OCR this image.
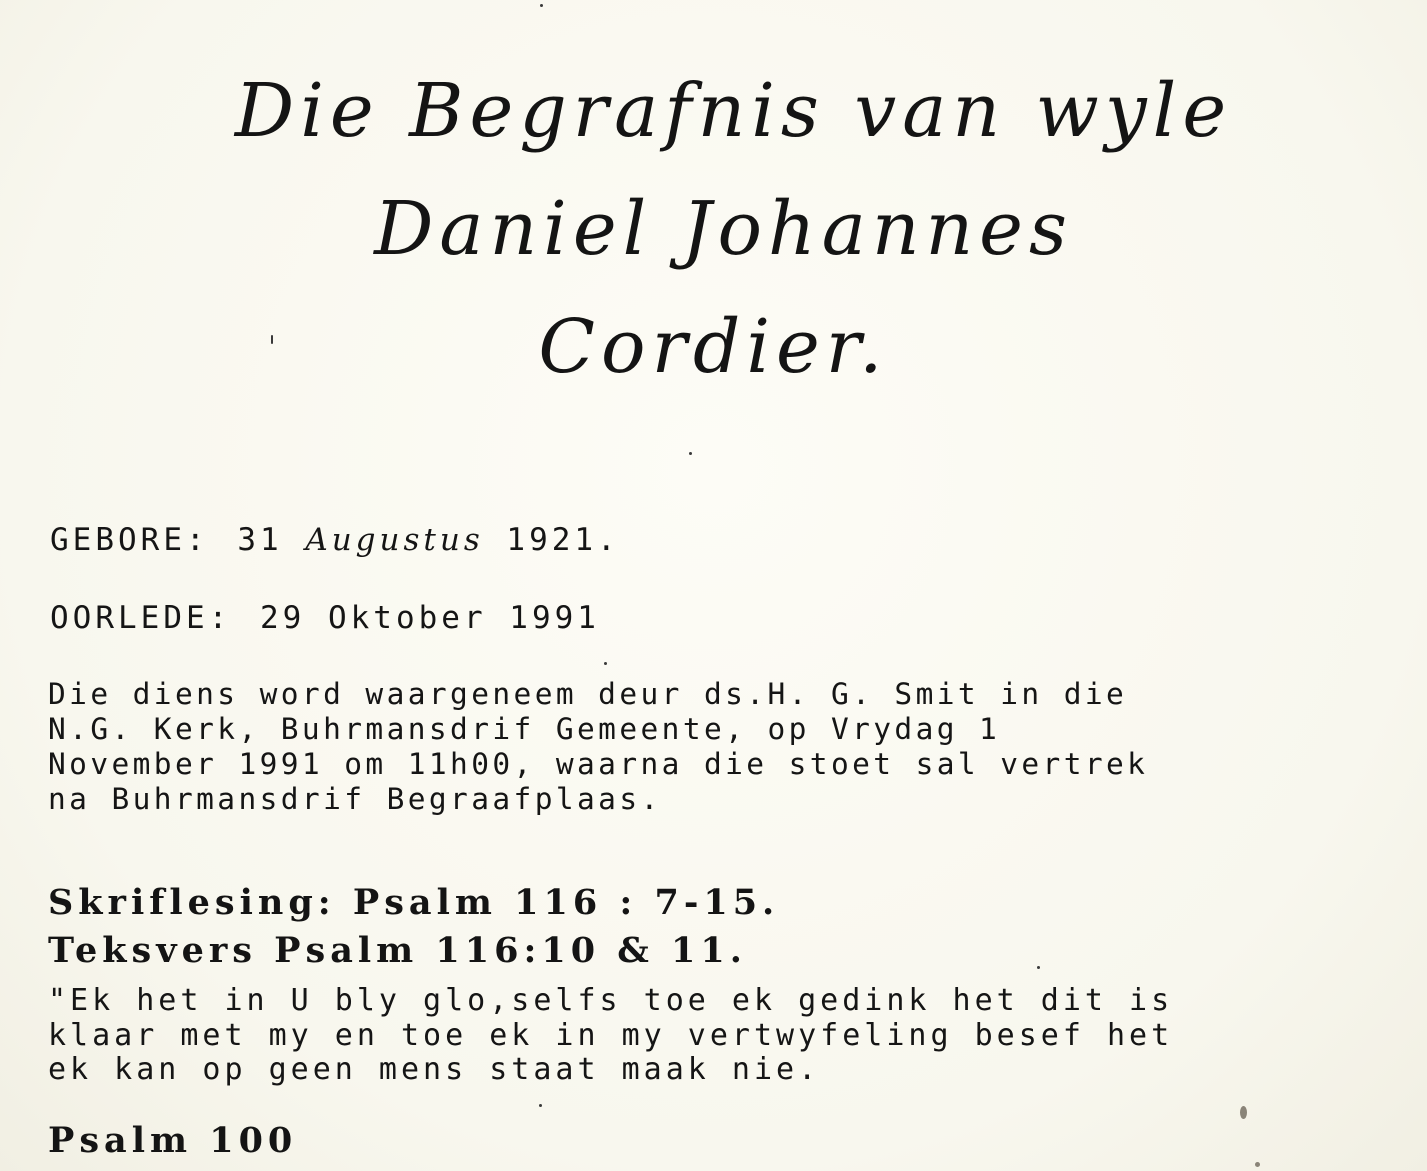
Die Begrafnis van wyle
Daniel Johannes
Cordier.
GEBORE: 31 Augustus 1921.
OORLEDE: 29 Oktober 1991
Die diens word waargeneem deur ds.H. G. Smit in die
N.G. Kerk, Buhrmansdrif Gemeente, op Vrydag 1
November 1991 om 11h00, waarna die stoet sal vertrek
na Buhrmansdrif Begraafplaas.
Skriflesing: Psalm 116 : 7-15.
Teksvers Psalm 116:10 & 11.
"Ek het in U bly glo,selfs toe ek gedink het dit is
klaar met my en toe ek in my vertwyfeling besef het
ek kan op geen mens staat maak nie.
Psalm 100
